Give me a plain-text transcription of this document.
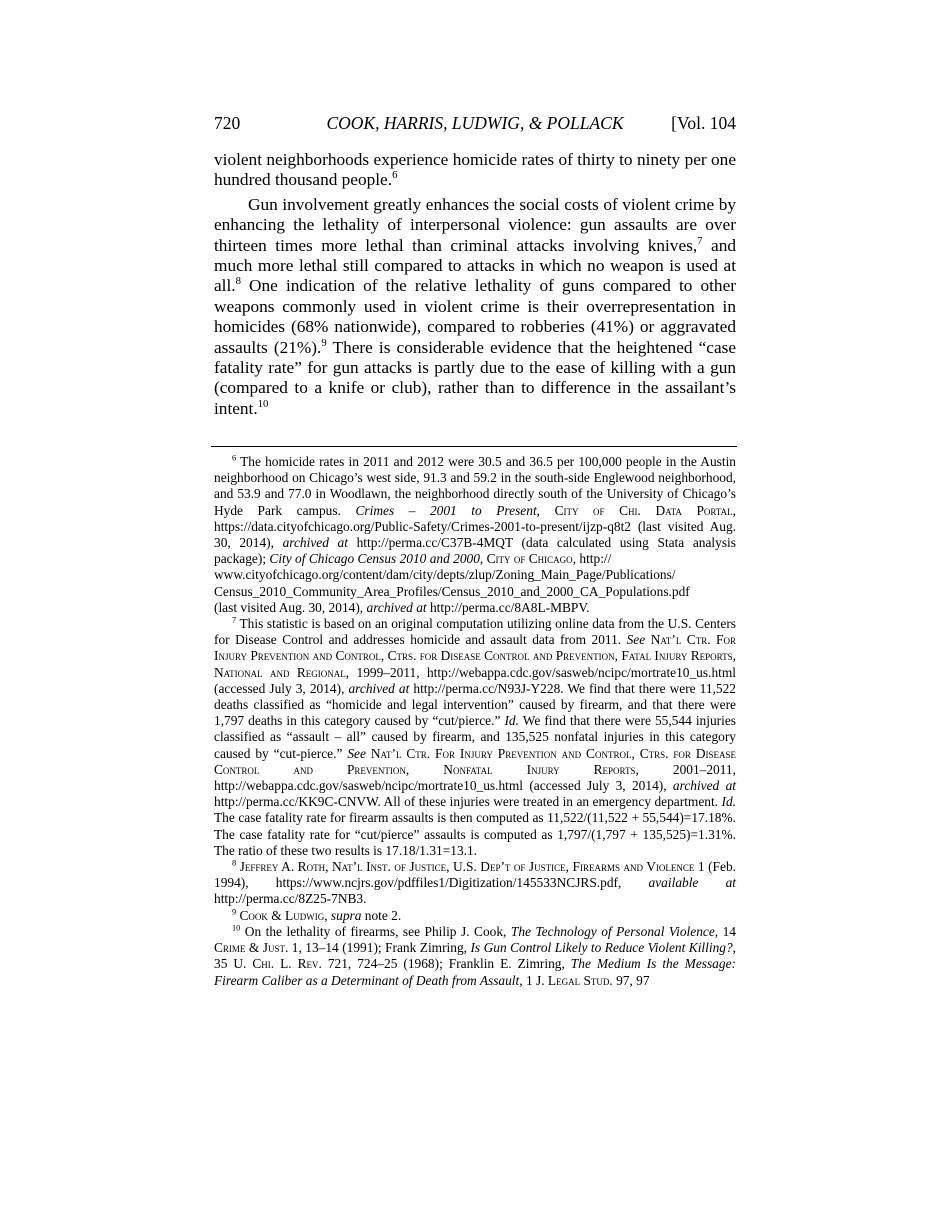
720	COOK, HARRIS, LUDWIG, & POLLACK	[Vol. 104

violent neighborhoods experience homicide rates of thirty to ninety per one hundred thousand people.$^6$

Gun involvement greatly enhances the social costs of violent crime by enhancing the lethality of interpersonal violence: gun assaults are over thirteen times more lethal than criminal attacks involving knives,$^7$ and much more lethal still compared to attacks in which no weapon is used at all.$^8$ One indication of the relative lethality of guns compared to other weapons commonly used in violent crime is their overrepresentation in homicides (68% nationwide), compared to robberies (41%) or aggravated assaults (21%).$^9$ There is considerable evidence that the heightened “case fatality rate” for gun attacks is partly due to the ease of killing with a gun (compared to a knife or club), rather than to difference in the assailant’s intent.$^{10}$

$^6$ The homicide rates in 2011 and 2012 were 30.5 and 36.5 per 100,000 people in the Austin neighborhood on Chicago’s west side, 91.3 and 59.2 in the south-side Englewood neighborhood, and 53.9 and 77.0 in Woodlawn, the neighborhood directly south of the University of Chicago’s Hyde Park campus. Crimes – 2001 to Present, City of Chi. Data Portal, https://data.cityofchicago.org/Public-Safety/Crimes-2001-to-present/ijzp-q8t2 (last visited Aug. 30, 2014), archived at http://perma.cc/C37B-4MQT (data calculated using Stata analysis package); City of Chicago Census 2010 and 2000, City of Chicago, http://
www.cityofchicago.org/content/dam/city/depts/zlup/Zoning_Main_Page/Publications/
Census_2010_Community_Area_Profiles/Census_2010_and_2000_CA_Populations.pdf
(last visited Aug. 30, 2014), archived at http://perma.cc/8A8L-MBPV.

$^7$ This statistic is based on an original computation utilizing online data from the U.S. Centers for Disease Control and addresses homicide and assault data from 2011. See Nat’l Ctr. For Injury Prevention and Control, Ctrs. for Disease Control and Prevention, Fatal Injury Reports, National and Regional, 1999–2011, http://webappa.cdc.gov/sasweb/ncipc/mortrate10_us.html (accessed July 3, 2014), archived at http://perma.cc/N93J-Y228. We find that there were 11,522 deaths classified as “homicide and legal intervention” caused by firearm, and that there were 1,797 deaths in this category caused by “cut/pierce.” Id. We find that there were 55,544 injuries classified as “assault – all” caused by firearm, and 135,525 nonfatal injuries in this category caused by “cut-pierce.” See Nat’l Ctr. For Injury Prevention and Control, Ctrs. for Disease Control and Prevention, Nonfatal Injury Reports, 2001–2011, http://webappa.cdc.gov/sasweb/ncipc/mortrate10_us.html (accessed July 3, 2014), archived at http://perma.cc/KK9C-CNVW. All of these injuries were treated in an emergency department. Id. The case fatality rate for firearm assaults is then computed as 11,522/(11,522 + 55,544)=17.18%. The case fatality rate for “cut/pierce” assaults is computed as 1,797/(1,797 + 135,525)=1.31%. The ratio of these two results is 17.18/1.31=13.1.

$^8$ Jeffrey A. Roth, Nat’l Inst. of Justice, U.S. Dep’t of Justice, Firearms and Violence 1 (Feb. 1994), https://www.ncjrs.gov/pdffiles1/Digitization/145533NCJRS.pdf, available at http://perma.cc/8Z25-7NB3.

$^9$ Cook & Ludwig, supra note 2.

$^{10}$ On the lethality of firearms, see Philip J. Cook, The Technology of Personal Violence, 14 Crime & Just. 1, 13–14 (1991); Frank Zimring, Is Gun Control Likely to Reduce Violent Killing?, 35 U. Chi. L. Rev. 721, 724–25 (1968); Franklin E. Zimring, The Medium Is the Message: Firearm Caliber as a Determinant of Death from Assault, 1 J. Legal Stud. 97, 97
